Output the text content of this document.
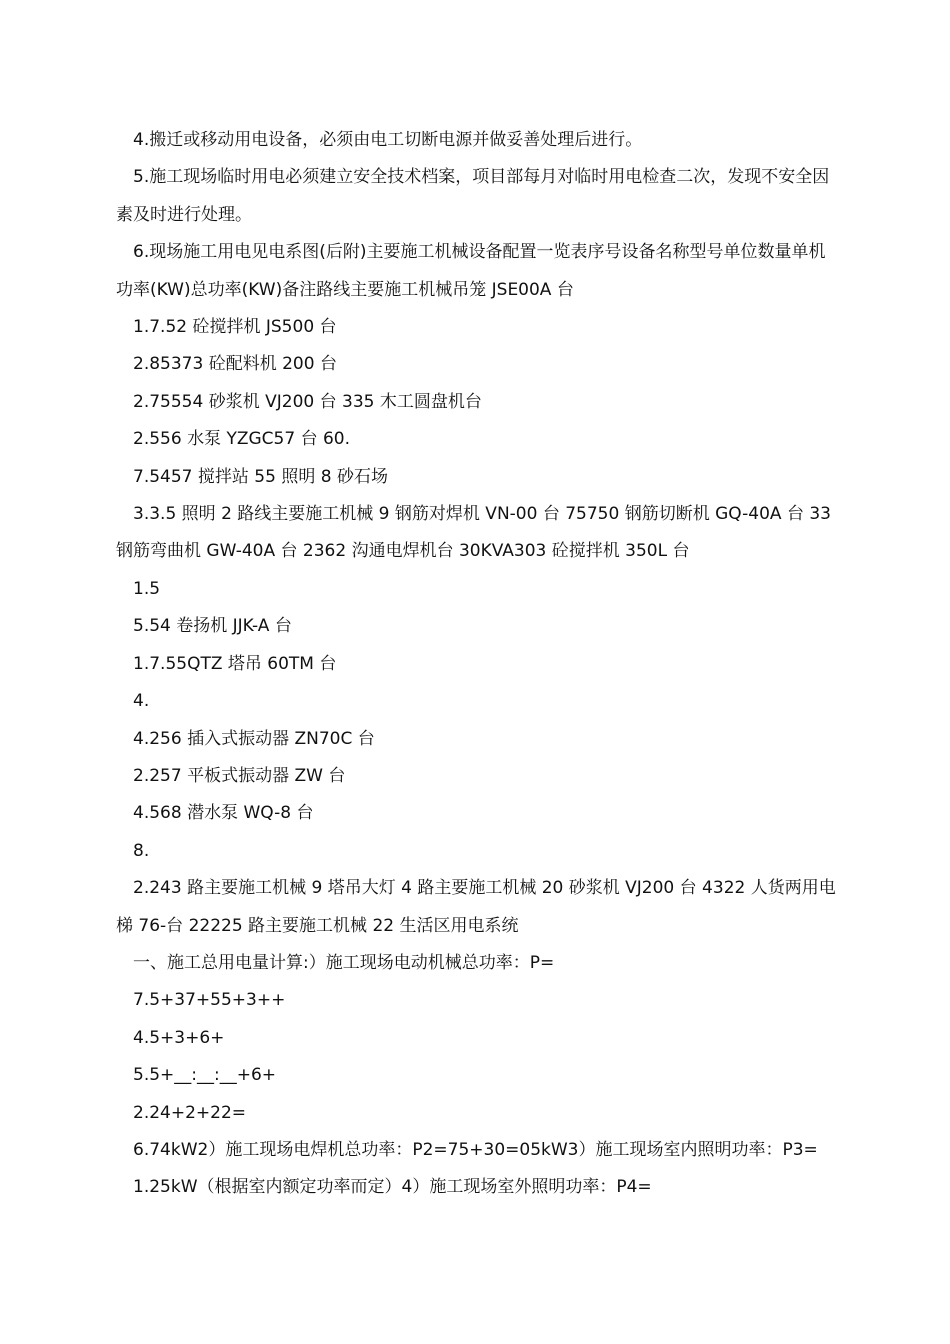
4.搬迁或移动用电设备，必须由电工切断电源并做妥善处理后进行。

5.施工现场临时用电必须建立安全技术档案，项目部每月对临时用电检查二次，发现不安全因素及时进行处理。

6.现场施工用电见电系图(后附)主要施工机械设备配置一览表序号设备名称型号单位数量单机功率(KW)总功率(KW)备注路线主要施工机械吊笼 JSE00A 台

1.7.52 砼搅拌机 JS500 台

2.85373 砼配料机 200 台

2.75554 砂浆机 VJ200 台 335 木工圆盘机台

2.556 水泵 YZGC57 台 60.

7.5457 搅拌站 55 照明 8 砂石场

3.3.5 照明 2 路线主要施工机械 9 钢筋对焊机 VN-00 台 75750 钢筋切断机 GQ-40A 台 33 钢筋弯曲机 GW-40A 台 2362 沟通电焊机台 30KVA303 砼搅拌机 350L 台

1.5

5.54 卷扬机 JJK-A 台

1.7.55QTZ 塔吊 60TM 台

4.

4.256 插入式振动器 ZN70C 台

2.257 平板式振动器 ZW 台

4.568 潜水泵 WQ-8 台

8.

2.243 路主要施工机械 9 塔吊大灯 4 路主要施工机械 20 砂浆机 VJ200 台 4322 人货两用电梯 76-台 22225 路主要施工机械 22 生活区用电系统

一、施工总用电量计算:）施工现场电动机械总功率：P=

7.5+37+55+3++

4.5+3+6+

5.5+__:__:__+6+

2.24+2+22=

6.74kW2）施工现场电焊机总功率：P2=75+30=05kW3）施工现场室内照明功率：P3=

1.25kW（根据室内额定功率而定）4）施工现场室外照明功率：P4=
